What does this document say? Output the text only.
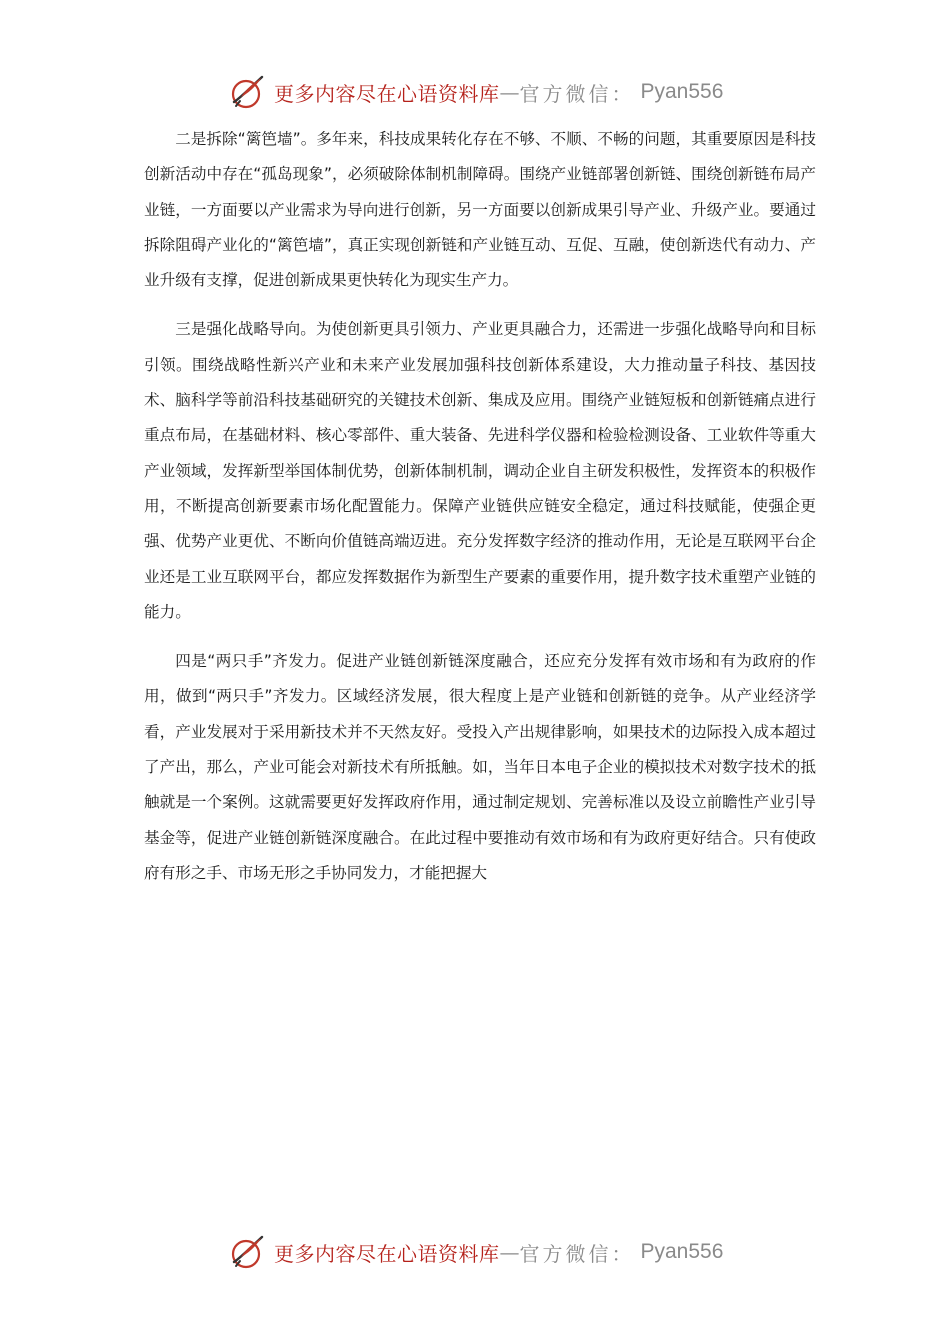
更多内容尽在心语资料库 — 官方微信： Pyan556

二是拆除“篱笆墙”。多年来，科技成果转化存在不够、不顺、不畅的问题，其重要原因是科技创新活动中存在“孤岛现象”，必须破除体制机制障碍。围绕产业链部署创新链、围绕创新链布局产业链，一方面要以产业需求为导向进行创新，另一方面要以创新成果引导产业、升级产业。要通过拆除阻碍产业化的“篱笆墙”，真正实现创新链和产业链互动、互促、互融，使创新迭代有动力、产业升级有支撑，促进创新成果更快转化为现实生产力。

三是强化战略导向。为使创新更具引领力、产业更具融合力，还需进一步强化战略导向和目标引领。围绕战略性新兴产业和未来产业发展加强科技创新体系建设，大力推动量子科技、基因技术、脑科学等前沿科技基础研究的关键技术创新、集成及应用。围绕产业链短板和创新链痛点进行重点布局，在基础材料、核心零部件、重大装备、先进科学仪器和检验检测设备、工业软件等重大产业领域，发挥新型举国体制优势，创新体制机制，调动企业自主研发积极性，发挥资本的积极作用，不断提高创新要素市场化配置能力。保障产业链供应链安全稳定，通过科技赋能，使强企更强、优势产业更优、不断向价值链高端迈进。充分发挥数字经济的推动作用，无论是互联网平台企业还是工业互联网平台，都应发挥数据作为新型生产要素的重要作用，提升数字技术重塑产业链的能力。

四是“两只手”齐发力。促进产业链创新链深度融合，还应充分发挥有效市场和有为政府的作用，做到“两只手”齐发力。区域经济发展，很大程度上是产业链和创新链的竞争。从产业经济学看，产业发展对于采用新技术并不天然友好。受投入产出规律影响，如果技术的边际投入成本超过了产出，那么，产业可能会对新技术有所抵触。如，当年日本电子企业的模拟技术对数字技术的抵触就是一个案例。这就需要更好发挥政府作用，通过制定规划、完善标准以及设立前瞻性产业引导基金等，促进产业链创新链深度融合。在此过程中要推动有效市场和有为政府更好结合。只有使政府有形之手、市场无形之手协同发力，才能把握大

更多内容尽在心语资料库 — 官方微信： Pyan556
